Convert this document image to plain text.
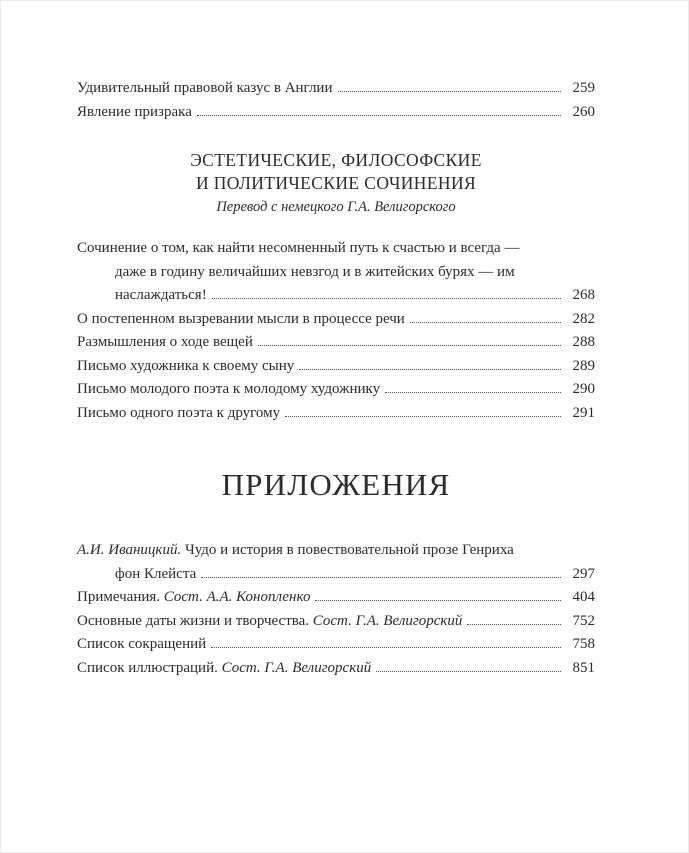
Удивительный правовой казус в Англии	259
Явление призрака	260
ЭСТЕТИЧЕСКИЕ, ФИЛОСОФСКИЕ
И ПОЛИТИЧЕСКИЕ СОЧИНЕНИЯ
Перевод с немецкого Г.А. Велигорского
Сочинение о том, как найти несомненный путь к счастью и всегда —
даже в годину величайших невзгод и в житейских бурях — им
наслаждаться!	268
О постепенном вызревании мысли в процессе речи	282
Размышления о ходе вещей	288
Письмо художника к своему сыну	289
Письмо молодого поэта к молодому художнику	290
Письмо одного поэта к другому	291
ПРИЛОЖЕНИЯ
А.И. Иваницкий. Чудо и история в повествовательной прозе Генриха
фон Клейста	297
Примечания. Сост. А.А. Конопленко	404
Основные даты жизни и творчества. Сост. Г.А. Велигорский	752
Список сокращений	758
Список иллюстраций. Сост. Г.А. Велигорский	851
